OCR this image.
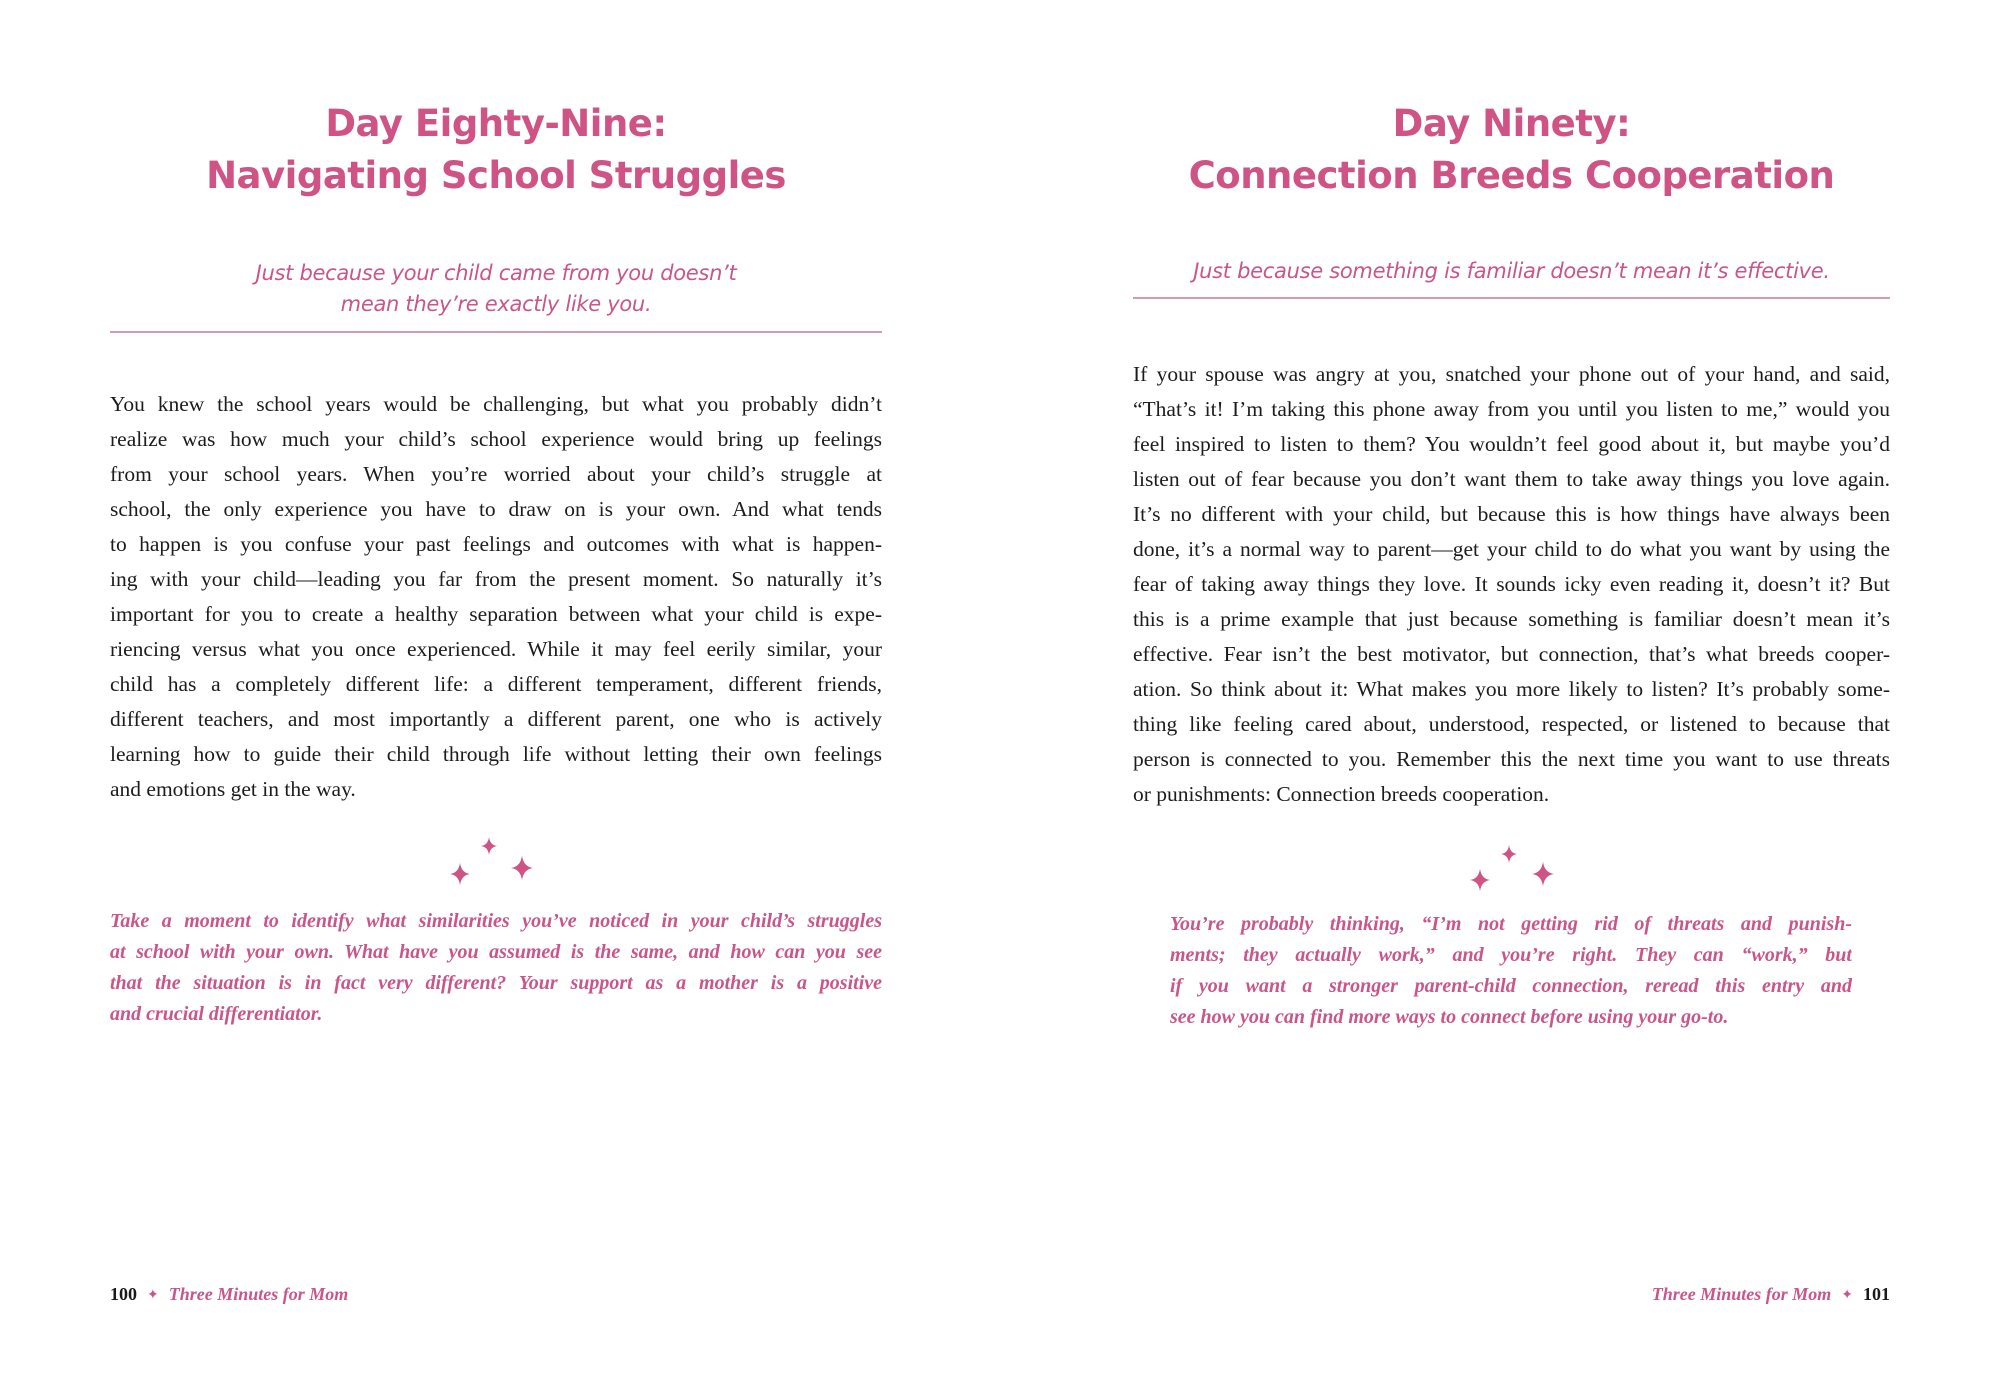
Day Eighty-Nine:
Navigating School Struggles
Just because your child came from you doesn’t
mean they’re exactly like you.
You knew the school years would be challenging, but what you probably didn’t
realize was how much your child’s school experience would bring up feelings
from your school years. When you’re worried about your child’s struggle at
school, the only experience you have to draw on is your own. And what tends
to happen is you confuse your past feelings and outcomes with what is happen-
ing with your child—leading you far from the present moment. So naturally it’s
important for you to create a healthy separation between what your child is expe-
riencing versus what you once experienced. While it may feel eerily similar, your
child has a completely different life: a different temperament, different friends,
different teachers, and most importantly a different parent, one who is actively
learning how to guide their child through life without letting their own feelings
and emotions get in the way.
Take a moment to identify what similarities you’ve noticed in your child’s struggles
at school with your own. What have you assumed is the same, and how can you see
that the situation is in fact very different? Your support as a mother is a positive
and crucial differentiator.
100 ✦ Three Minutes for Mom
Day Ninety:
Connection Breeds Cooperation
Just because something is familiar doesn’t mean it’s effective.
If your spouse was angry at you, snatched your phone out of your hand, and said,
“That’s it! I’m taking this phone away from you until you listen to me,” would you
feel inspired to listen to them? You wouldn’t feel good about it, but maybe you’d
listen out of fear because you don’t want them to take away things you love again.
It’s no different with your child, but because this is how things have always been
done, it’s a normal way to parent—get your child to do what you want by using the
fear of taking away things they love. It sounds icky even reading it, doesn’t it? But
this is a prime example that just because something is familiar doesn’t mean it’s
effective. Fear isn’t the best motivator, but connection, that’s what breeds cooper-
ation. So think about it: What makes you more likely to listen? It’s probably some-
thing like feeling cared about, understood, respected, or listened to because that
person is connected to you. Remember this the next time you want to use threats
or punishments: Connection breeds cooperation.
You’re probably thinking, “I’m not getting rid of threats and punish-
ments; they actually work,” and you’re right. They can “work,” but
if you want a stronger parent-child connection, reread this entry and
see how you can find more ways to connect before using your go-to.
Three Minutes for Mom ✦ 101
